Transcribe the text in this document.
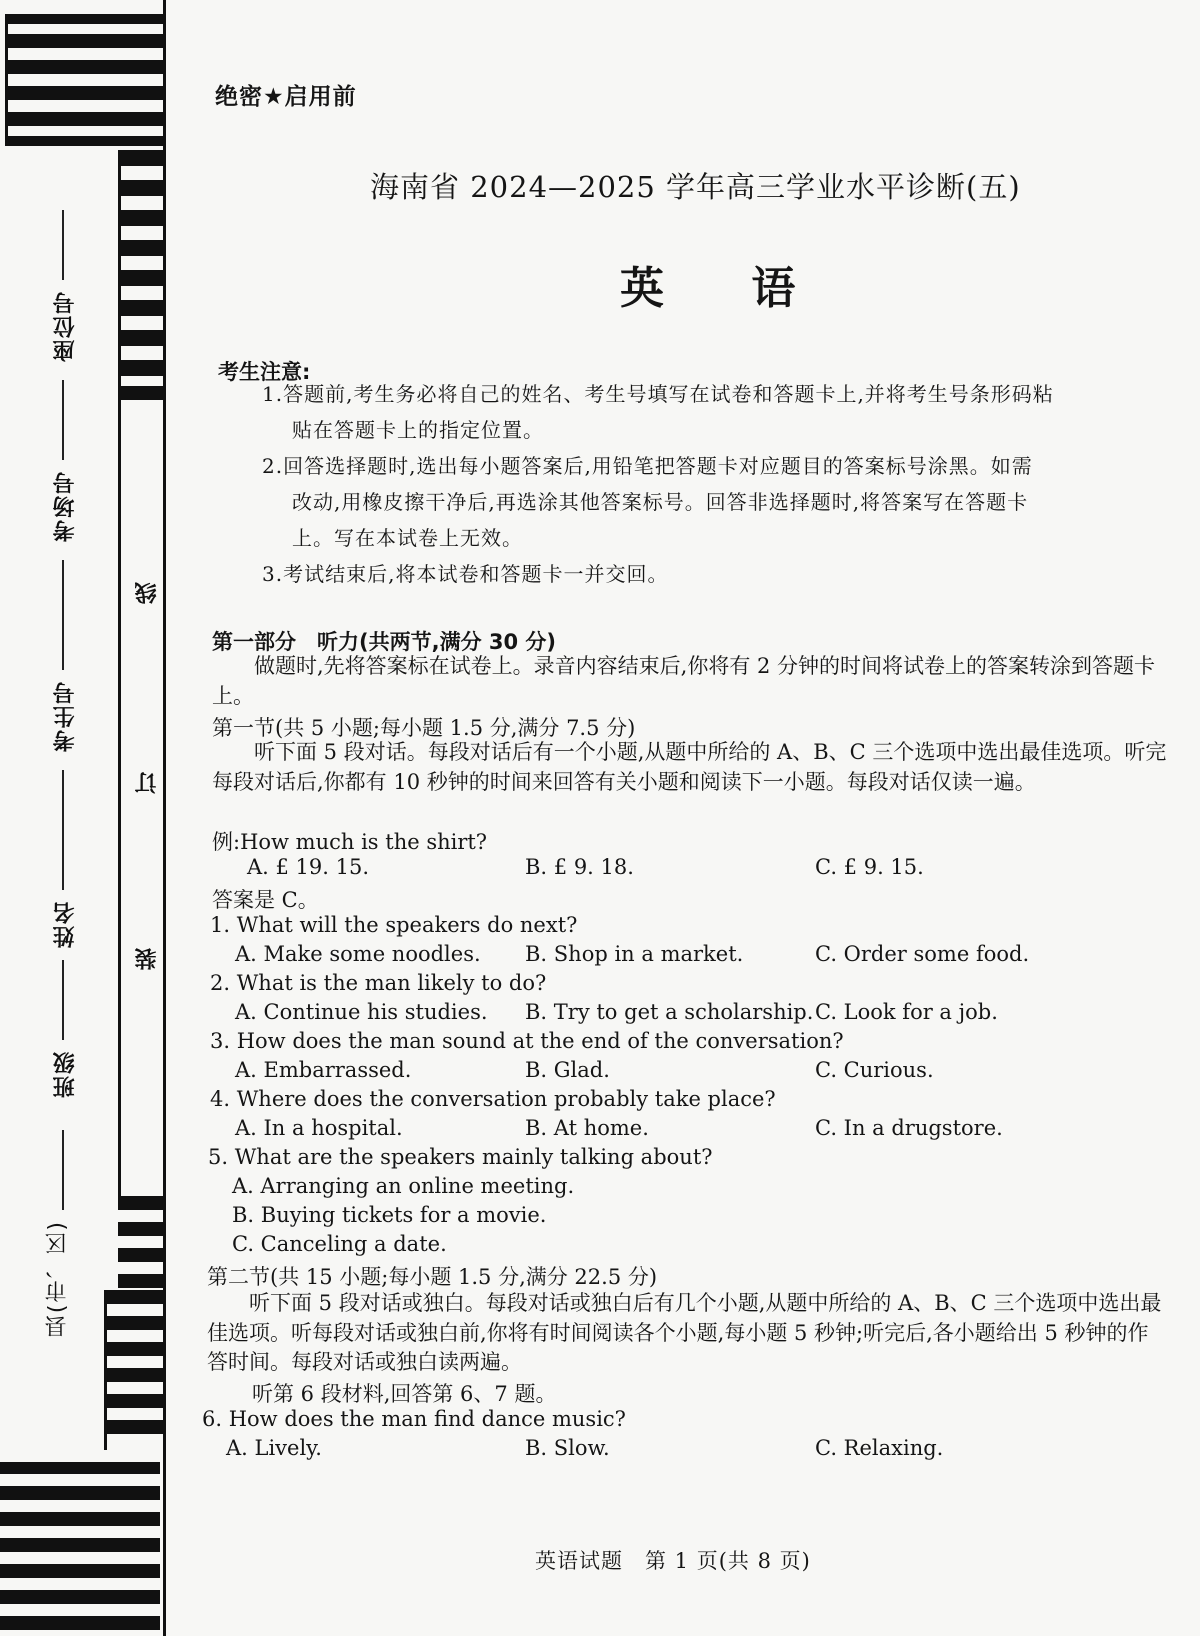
座位号
考场号
考生号
姓名
班级
县(市、区)
线
订
装
绝密★启用前
海南省 2024—2025 学年高三学业水平诊断(五)
英 语
考生注意:
1.答题前,考生务必将自己的姓名、考生号填写在试卷和答题卡上,并将考生号条形码粘
贴在答题卡上的指定位置。
2.回答选择题时,选出每小题答案后,用铅笔把答题卡对应题目的答案标号涂黑。如需
改动,用橡皮擦干净后,再选涂其他答案标号。回答非选择题时,将答案写在答题卡
上。写在本试卷上无效。
3.考试结束后,将本试卷和答题卡一并交回。
第一部分　听力(共两节,满分 30 分)
做题时,先将答案标在试卷上。录音内容结束后,你将有 2 分钟的时间将试卷上的答案转涂到答题卡上。
第一节(共 5 小题;每小题 1.5 分,满分 7.5 分)
听下面 5 段对话。每段对话后有一个小题,从题中所给的 A、B、C 三个选项中选出最佳选项。听完每段对话后,你都有 10 秒钟的时间来回答有关小题和阅读下一小题。每段对话仅读一遍。
例:How much is the shirt?
A. £ 19. 15.	B. £ 9. 18.	C. £ 9. 15.
答案是 C。
1. What will the speakers do next?
A. Make some noodles. B. Shop in a market.	C. Order some food.
2. What is the man likely to do?
A. Continue his studies. B. Try to get a scholarship. C. Look for a job.
3. How does the man sound at the end of the conversation?
A. Embarrassed.	B. Glad.	C. Curious.
4. Where does the conversation probably take place?
A. In a hospital.	B. At home.	C. In a drugstore.
5. What are the speakers mainly talking about?
A. Arranging an online meeting.
B. Buying tickets for a movie.
C. Canceling a date.
第二节(共 15 小题;每小题 1.5 分,满分 22.5 分)
听下面 5 段对话或独白。每段对话或独白后有几个小题,从题中所给的 A、B、C 三个选项中选出最佳选项。听每段对话或独白前,你将有时间阅读各个小题,每小题 5 秒钟;听完后,各小题给出 5 秒钟的作答时间。每段对话或独白读两遍。
听第 6 段材料,回答第 6、7 题。
6. How does the man find dance music?
A. Lively.	B. Slow.	C. Relaxing.
英语试题　第 1 页(共 8 页)
